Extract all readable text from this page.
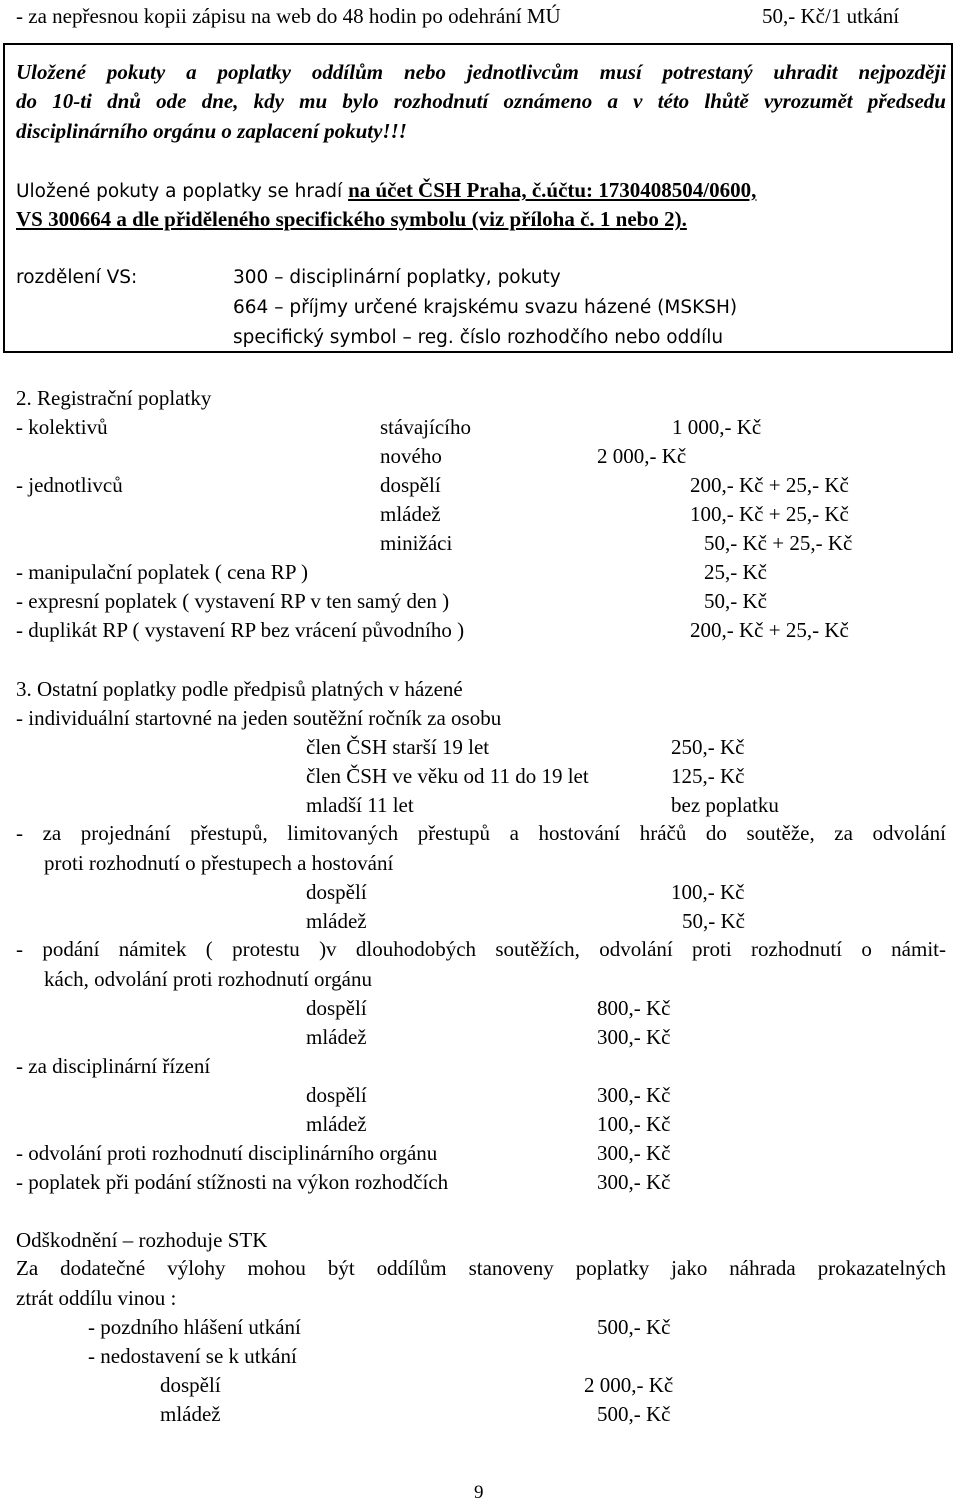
- za nepřesnou kopii zápisu na web do 48 hodin po odehrání MÚ	50,- Kč/1 utkání
Uložené pokuty a poplatky oddílům nebo jednotlivcům musí potrestaný uhradit nejpozději
do 10-ti dnů ode dne, kdy mu bylo rozhodnutí oznámeno a v této lhůtě vyrozumět předsedu
disciplinárního orgánu o zaplacení pokuty!!!
Uložené pokuty a poplatky se hradí na účet ČSH Praha, č.účtu: 1730408504/0600,
VS 300664 a dle přiděleného specifického symbolu (viz příloha č. 1 nebo 2).
rozdělení VS:	300 – disciplinární poplatky, pokuty
664 – příjmy určené krajskému svazu házené (MSKSH)
specifický symbol – reg. číslo rozhodčího nebo oddílu
2. Registrační poplatky
- kolektivů	stávajícího	1 000,- Kč
nového	2 000,- Kč
- jednotlivců	dospělí	200,- Kč + 25,- Kč
mládež	100,- Kč + 25,- Kč
minižáci	50,- Kč + 25,- Kč
- manipulační poplatek ( cena RP )	25,- Kč
- expresní poplatek ( vystavení RP v ten samý den )	50,- Kč
- duplikát RP ( vystavení RP bez vrácení původního )	200,- Kč + 25,- Kč
3. Ostatní poplatky podle předpisů platných v házené
- individuální startovné na jeden soutěžní ročník za osobu
člen ČSH starší 19 let	250,- Kč
člen ČSH ve věku od 11 do 19 let	125,- Kč
mladší 11 let	bez poplatku
- za projednání přestupů, limitovaných přestupů a hostování hráčů do soutěže, za odvolání
proti rozhodnutí o přestupech a hostování
dospělí	100,- Kč
mládež	50,- Kč
- podání námitek ( protestu )v dlouhodobých soutěžích, odvolání proti rozhodnutí o námit-
kách, odvolání proti rozhodnutí orgánu
dospělí	800,- Kč
mládež	300,- Kč
- za disciplinární řízení
dospělí	300,- Kč
mládež	100,- Kč
- odvolání proti rozhodnutí disciplinárního orgánu	300,- Kč
- poplatek při podání stížnosti na výkon rozhodčích	300,- Kč
Odškodnění – rozhoduje STK
Za dodatečné výlohy mohou být oddílům stanoveny poplatky jako náhrada prokazatelných
ztrát oddílu vinou :
- pozdního hlášení utkání	500,- Kč
- nedostavení se k utkání
dospělí	2 000,- Kč
mládež	500,- Kč
9
